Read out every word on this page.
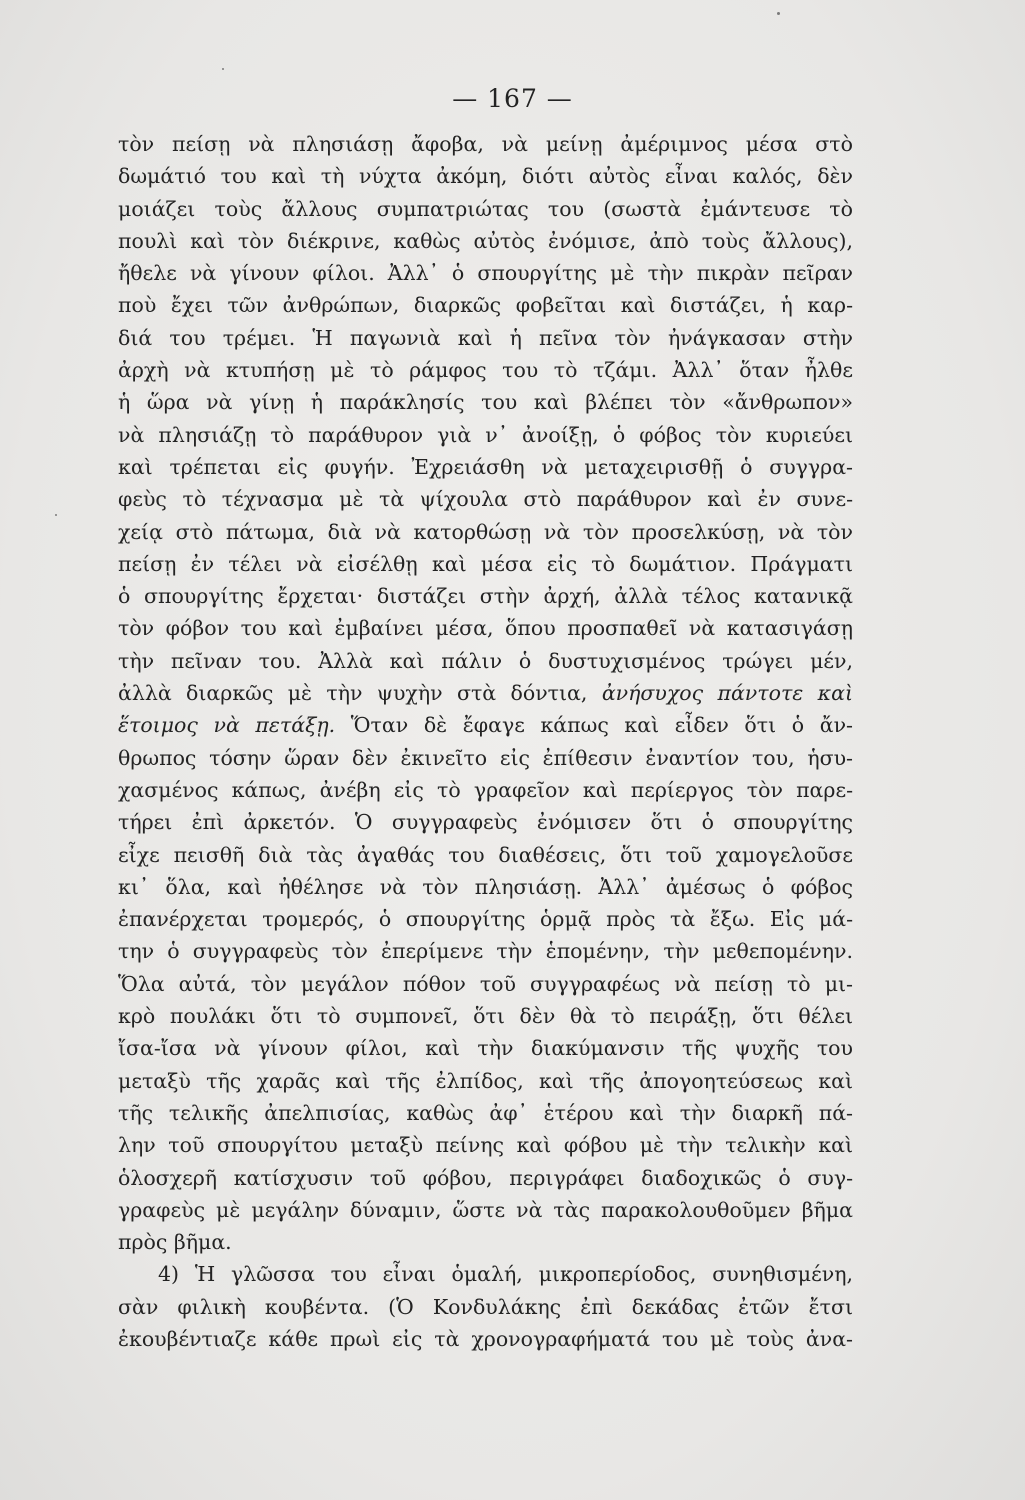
— 167 —
τὸν πείσῃ νὰ πλησιάσῃ ἄφοβα, νὰ μείνῃ ἀμέριμνος μέσα στὸ
δωμάτιό του καὶ τὴ νύχτα ἀκόμη, διότι αὐτὸς εἶναι καλός, δὲν
μοιάζει τοὺς ἄλλους συμπατριώτας του (σωστὰ ἐμάντευσε τὸ
πουλὶ καὶ τὸν διέκρινε, καθὼς αὐτὸς ἐνόμισε, ἀπὸ τοὺς ἄλλους),
ἤθελε νὰ γίνουν φίλοι. Ἀλλ᾿ ὁ σπουργίτης μὲ τὴν πικρὰν πεῖραν
ποὺ ἔχει τῶν ἀνθρώπων, διαρκῶς φοβεῖται καὶ διστάζει, ἡ καρ-
διά του τρέμει. Ἡ παγωνιὰ καὶ ἡ πεῖνα τὸν ἠνάγκασαν στὴν
ἀρχὴ νὰ κτυπήσῃ μὲ τὸ ράμφος του τὸ τζάμι. Ἀλλ᾿ ὅταν ἦλθε
ἡ ὥρα νὰ γίνῃ ἡ παράκλησίς του καὶ βλέπει τὸν «ἄνθρωπον»
νὰ πλησιάζῃ τὸ παράθυρον γιὰ ν᾿ ἀνοίξῃ, ὁ φόβος τὸν κυριεύει
καὶ τρέπεται εἰς φυγήν. Ἐχρειάσθη νὰ μεταχειρισθῇ ὁ συγγρα-
φεὺς τὸ τέχνασμα μὲ τὰ ψίχουλα στὸ παράθυρον καὶ ἐν συνε-
χείᾳ στὸ πάτωμα, διὰ νὰ κατορθώσῃ νὰ τὸν προσελκύσῃ, νὰ τὸν
πείσῃ ἐν τέλει νὰ εἰσέλθῃ καὶ μέσα εἰς τὸ δωμάτιον. Πράγματι
ὁ σπουργίτης ἔρχεται· διστάζει στὴν ἀρχή, ἀλλὰ τέλος κατανικᾷ
τὸν φόβον του καὶ ἐμβαίνει μέσα, ὅπου προσπαθεῖ νὰ κατασιγάσῃ
τὴν πεῖναν του. Ἀλλὰ καὶ πάλιν ὁ δυστυχισμένος τρώγει μέν,
ἀλλὰ διαρκῶς μὲ τὴν ψυχὴν στὰ δόντια, ἀνήσυχος πάντοτε καὶ
ἕτοιμος νὰ πετάξῃ. Ὅταν δὲ ἔφαγε κάπως καὶ εἶδεν ὅτι ὁ ἄν-
θρωπος τόσην ὥραν δὲν ἐκινεῖτο εἰς ἐπίθεσιν ἐναντίον του, ἡσυ-
χασμένος κάπως, ἀνέβη εἰς τὸ γραφεῖον καὶ περίεργος τὸν παρε-
τήρει ἐπὶ ἀρκετόν. Ὁ συγγραφεὺς ἐνόμισεν ὅτι ὁ σπουργίτης
εἶχε πεισθῆ διὰ τὰς ἀγαθάς του διαθέσεις, ὅτι τοῦ χαμογελοῦσε
κι᾿ ὅλα, καὶ ἠθέλησε νὰ τὸν πλησιάσῃ. Ἀλλ᾿ ἀμέσως ὁ φόβος
ἐπανέρχεται τρομερός, ὁ σπουργίτης ὁρμᾷ πρὸς τὰ ἔξω. Εἰς μά-
την ὁ συγγραφεὺς τὸν ἐπερίμενε τὴν ἑπομένην, τὴν μεθεπομένην.
Ὅλα αὐτά, τὸν μεγάλον πόθον τοῦ συγγραφέως νὰ πείσῃ τὸ μι-
κρὸ πουλάκι ὅτι τὸ συμπονεῖ, ὅτι δὲν θὰ τὸ πειράξῃ, ὅτι θέλει
ἴσα-ἴσα νὰ γίνουν φίλοι, καὶ τὴν διακύμανσιν τῆς ψυχῆς του
μεταξὺ τῆς χαρᾶς καὶ τῆς ἐλπίδος, καὶ τῆς ἀπογοητεύσεως καὶ
τῆς τελικῆς ἀπελπισίας, καθὼς ἀφ᾿ ἑτέρου καὶ τὴν διαρκῆ πά-
λην τοῦ σπουργίτου μεταξὺ πείνης καὶ φόβου μὲ τὴν τελικὴν καὶ
ὁλοσχερῆ κατίσχυσιν τοῦ φόβου, περιγράφει διαδοχικῶς ὁ συγ-
γραφεὺς μὲ μεγάλην δύναμιν, ὥστε νὰ τὰς παρακολουθοῦμεν βῆμα
πρὸς βῆμα.
4) Ἡ γλῶσσα του εἶναι ὁμαλή, μικροπερίοδος, συνηθισμένη,
σὰν φιλικὴ κουβέντα. (Ὁ Κονδυλάκης ἐπὶ δεκάδας ἐτῶν ἔτσι
ἐκουβέντιαζε κάθε πρωὶ εἰς τὰ χρονογραφήματά του μὲ τοὺς ἀνα-
